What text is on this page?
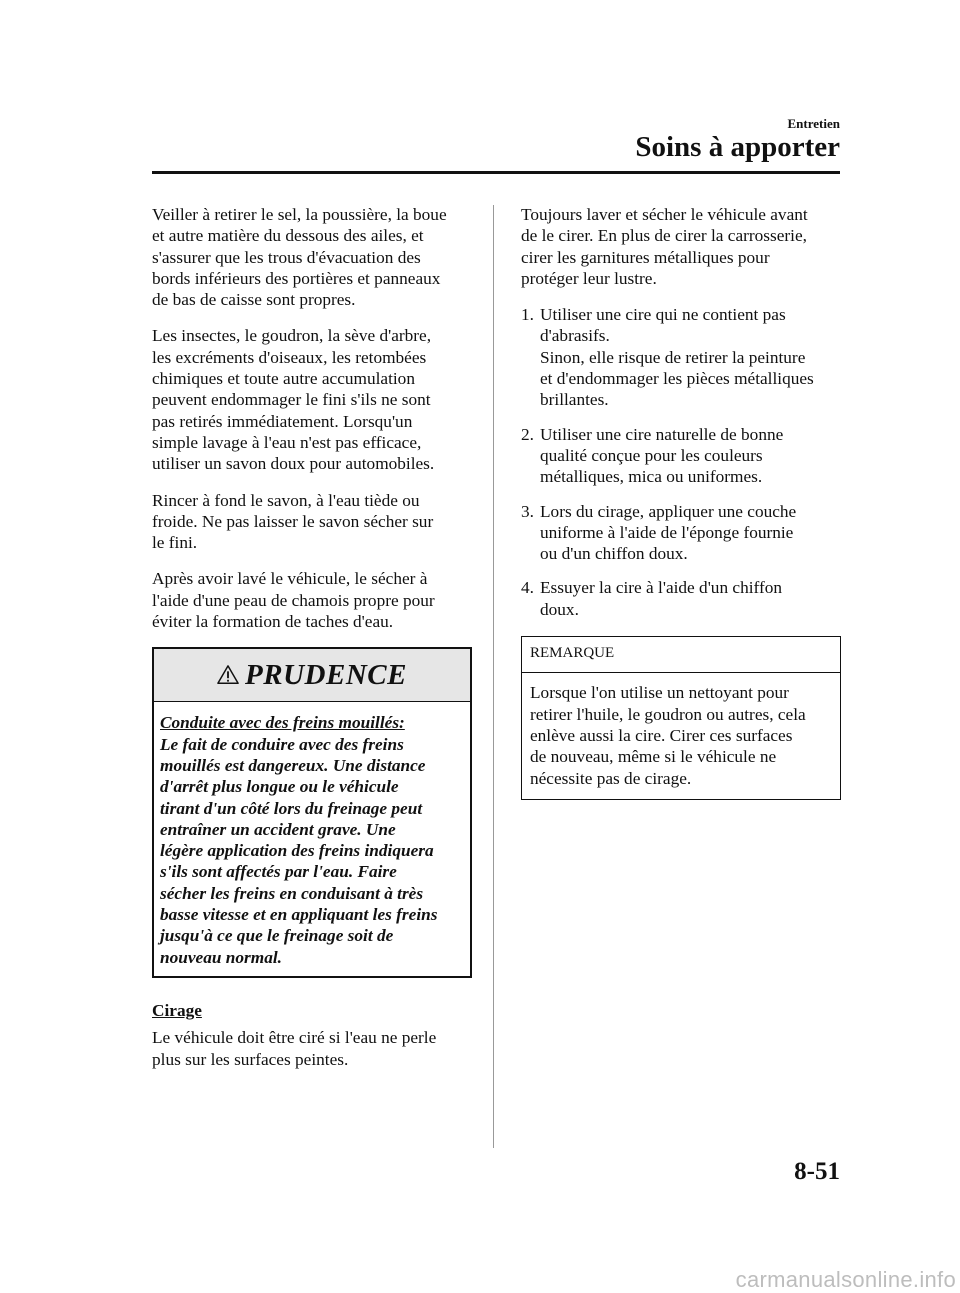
Entretien
Soins à apporter

Veiller à retirer le sel, la poussière, la boue
et autre matière du dessous des ailes, et
s'assurer que les trous d'évacuation des
bords inférieurs des portières et panneaux
de bas de caisse sont propres.

Les insectes, le goudron, la sève d'arbre,
les excréments d'oiseaux, les retombées
chimiques et toute autre accumulation
peuvent endommager le fini s'ils ne sont
pas retirés immédiatement. Lorsqu'un
simple lavage à l'eau n'est pas efficace,
utiliser un savon doux pour automobiles.

Rincer à fond le savon, à l'eau tiède ou
froide. Ne pas laisser le savon sécher sur
le fini.

Après avoir lavé le véhicule, le sécher à
l'aide d'une peau de chamois propre pour
éviter la formation de taches d'eau.

PRUDENCE
Conduite avec des freins mouillés:
Le fait de conduire avec des freins
mouillés est dangereux. Une distance
d'arrêt plus longue ou le véhicule
tirant d'un côté lors du freinage peut
entraîner un accident grave. Une
légère application des freins indiquera
s'ils sont affectés par l'eau. Faire
sécher les freins en conduisant à très
basse vitesse et en appliquant les freins
jusqu'à ce que le freinage soit de
nouveau normal.
Cirage

Le véhicule doit être ciré si l'eau ne perle
plus sur les surfaces peintes.

Toujours laver et sécher le véhicule avant
de le cirer. En plus de cirer la carrosserie,
cirer les garnitures métalliques pour
protéger leur lustre.

1. Utiliser une cire qui ne contient pas
d'abrasifs.
Sinon, elle risque de retirer la peinture
et d'endommager les pièces métalliques
brillantes.
2. Utiliser une cire naturelle de bonne
qualité conçue pour les couleurs
métalliques, mica ou uniformes.
3. Lors du cirage, appliquer une couche
uniforme à l'aide de l'éponge fournie
ou d'un chiffon doux.
4. Essuyer la cire à l'aide d'un chiffon
doux.
REMARQUE
Lorsque l'on utilise un nettoyant pour
retirer l'huile, le goudron ou autres, cela
enlève aussi la cire. Cirer ces surfaces
de nouveau, même si le véhicule ne
nécessite pas de cirage.
8-51
carmanualsonline.info
